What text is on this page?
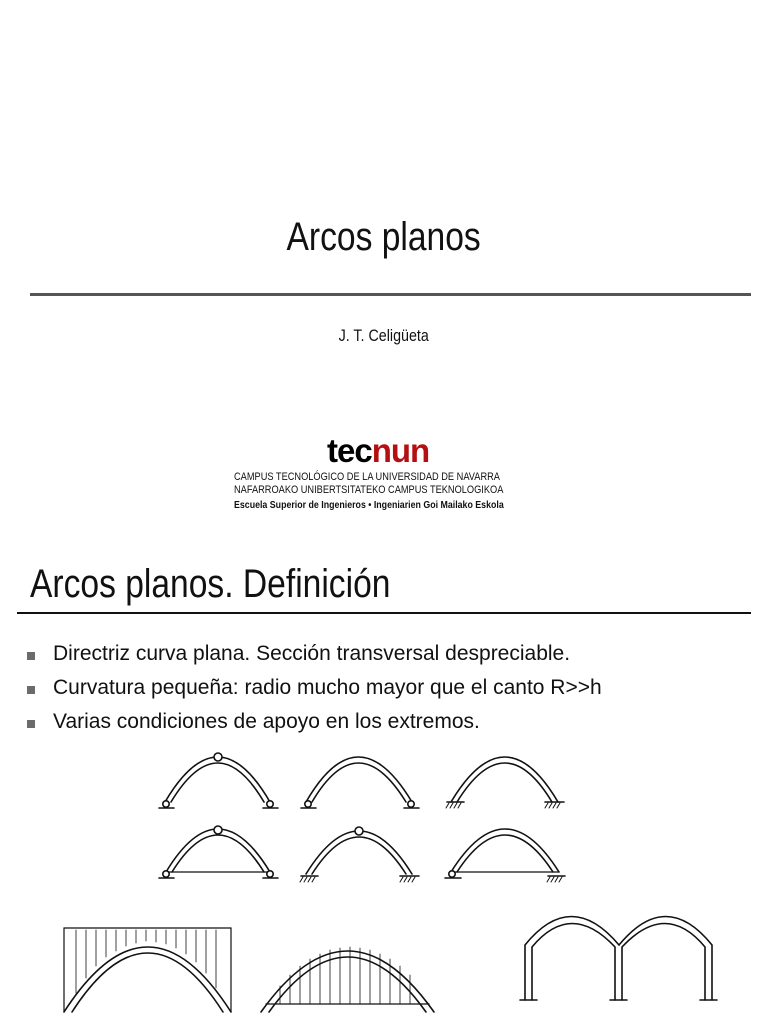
Arcos planos
J. T. Celigüeta
tecnun
CAMPUS TECNOLÓGICO DE LA UNIVERSIDAD DE NAVARRA
NAFARROAKO UNIBERTSITATEKO CAMPUS TEKNOLOGIKOA
Escuela Superior de Ingenieros • Ingeniarien Goi Mailako Eskola
Arcos planos. Definición
Directriz curva plana. Sección transversal despreciable.
Curvatura pequeña: radio mucho mayor que el canto R>>h
Varias condiciones de apoyo en los extremos.
